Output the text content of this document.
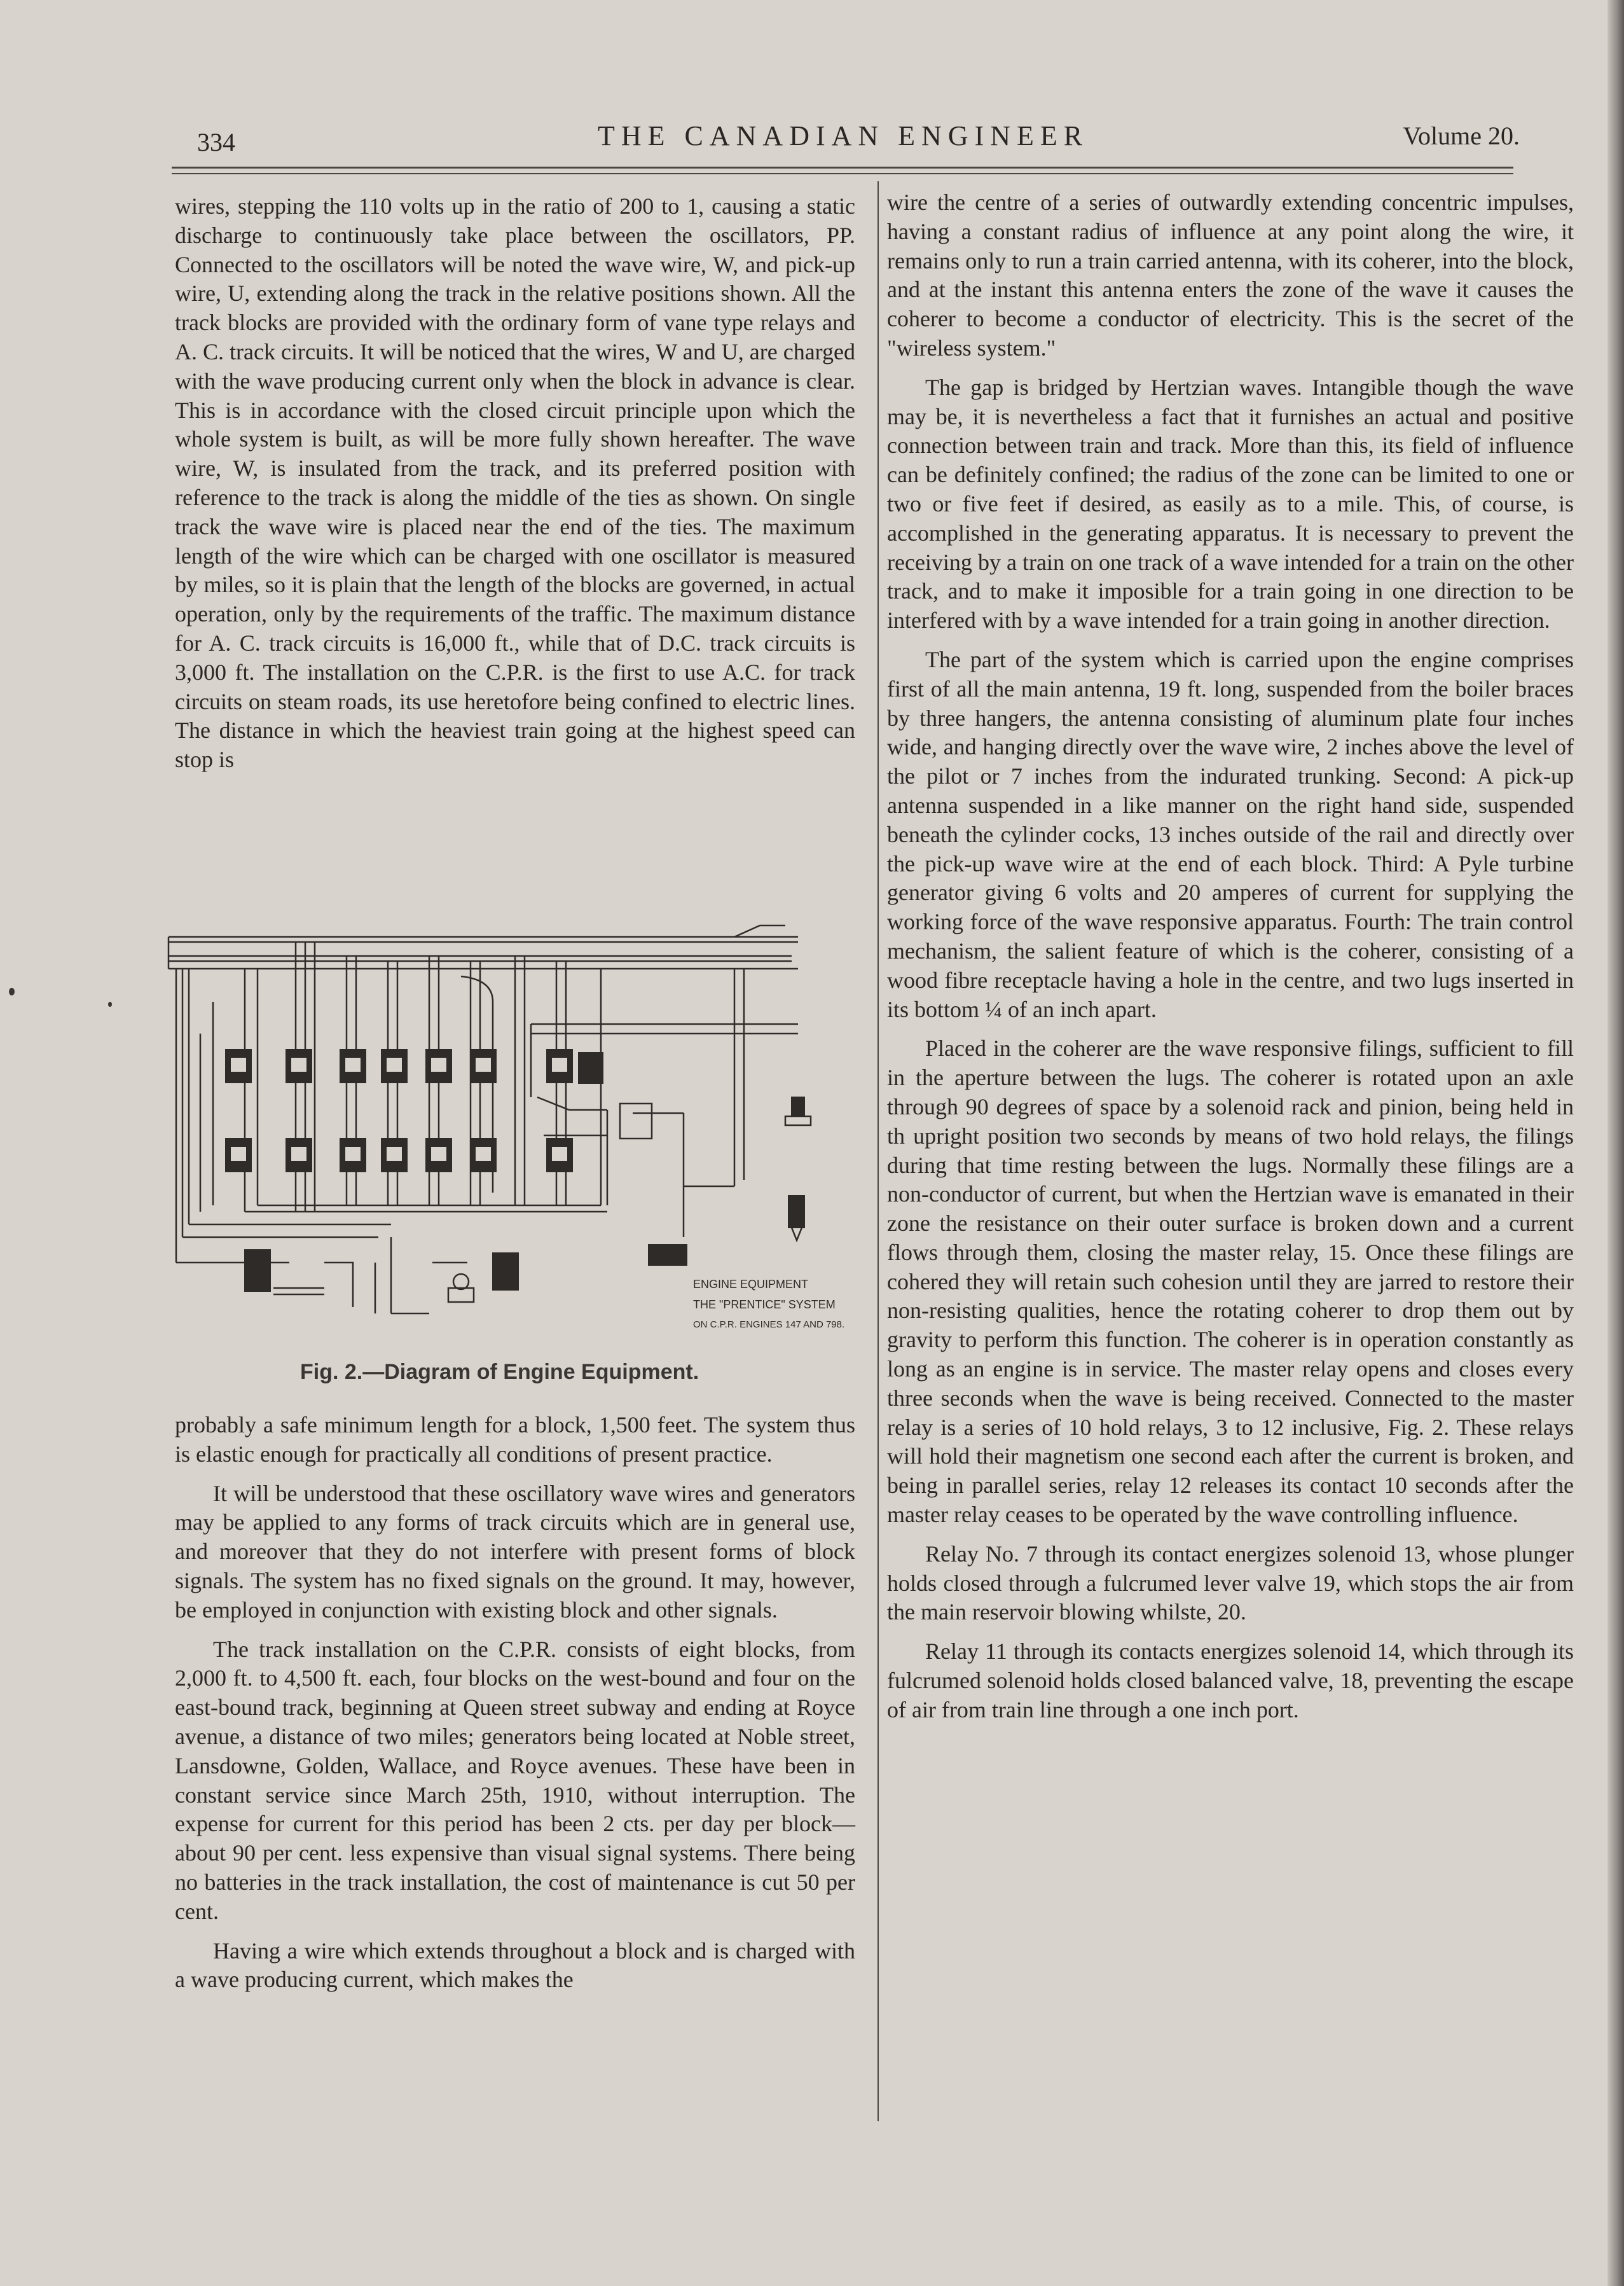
334	THE CANADIAN ENGINEER	Volume 20.

wires, stepping the 110 volts up in the ratio of 200 to 1, causing a static discharge to continuously take place between the oscillators, PP. Connected to the oscillators will be noted the wave wire, W, and pick-up wire, U, extending along the track in the relative positions shown. All the track blocks are provided with the ordinary form of vane type relays and A. C. track circuits. It will be noticed that the wires, W and U, are charged with the wave producing current only when the block in advance is clear. This is in accordance with the closed circuit principle upon which the whole system is built, as will be more fully shown hereafter. The wave wire, W, is insulated from the track, and its preferred position with reference to the track is along the middle of the ties as shown. On single track the wave wire is placed near the end of the ties. The maximum length of the wire which can be charged with one oscillator is measured by miles, so it is plain that the length of the blocks are governed, in actual operation, only by the requirements of the traffic. The maximum distance for A. C. track circuits is 16,000 ft., while that of D.C. track circuits is 3,000 ft. The installation on the C.P.R. is the first to use A.C. for track circuits on steam roads, its use heretofore being confined to electric lines. The distance in which the heaviest train going at the highest speed can stop is

ENGINE EQUIPMENT
THE "PRENTICE" SYSTEM
ON C.P.R. ENGINES 147 AND 798.
Fig. 2.—Diagram of Engine Equipment.

probably a safe minimum length for a block, 1,500 feet. The system thus is elastic enough for practically all conditions of present practice.

It will be understood that these oscillatory wave wires and generators may be applied to any forms of track circuits which are in general use, and moreover that they do not interfere with present forms of block signals. The system has no fixed signals on the ground. It may, however, be employed in conjunction with existing block and other signals.

The track installation on the C.P.R. consists of eight blocks, from 2,000 ft. to 4,500 ft. each, four blocks on the west-bound and four on the east-bound track, beginning at Queen street subway and ending at Royce avenue, a distance of two miles; generators being located at Noble street, Lansdowne, Golden, Wallace, and Royce avenues. These have been in constant service since March 25th, 1910, without interruption. The expense for current for this period has been 2 cts. per day per block—about 90 per cent. less expensive than visual signal systems. There being no batteries in the track installation, the cost of maintenance is cut 50 per cent.

Having a wire which extends throughout a block and is charged with a wave producing current, which makes the

wire the centre of a series of outwardly extending concentric impulses, having a constant radius of influence at any point along the wire, it remains only to run a train carried antenna, with its coherer, into the block, and at the instant this antenna enters the zone of the wave it causes the coherer to become a conductor of electricity. This is the secret of the "wireless system."

The gap is bridged by Hertzian waves. Intangible though the wave may be, it is nevertheless a fact that it furnishes an actual and positive connection between train and track. More than this, its field of influence can be definitely confined; the radius of the zone can be limited to one or two or five feet if desired, as easily as to a mile. This, of course, is accomplished in the generating apparatus. It is necessary to prevent the receiving by a train on one track of a wave intended for a train on the other track, and to make it imposible for a train going in one direction to be interfered with by a wave intended for a train going in another direction.

The part of the system which is carried upon the engine comprises first of all the main antenna, 19 ft. long, suspended from the boiler braces by three hangers, the antenna consisting of aluminum plate four inches wide, and hanging directly over the wave wire, 2 inches above the level of the pilot or 7 inches from the indurated trunking. Second: A pick-up antenna suspended in a like manner on the right hand side, suspended beneath the cylinder cocks, 13 inches outside of the rail and directly over the pick-up wave wire at the end of each block. Third: A Pyle turbine generator giving 6 volts and 20 amperes of current for supplying the working force of the wave responsive apparatus. Fourth: The train control mechanism, the salient feature of which is the coherer, consisting of a wood fibre receptacle having a hole in the centre, and two lugs inserted in its bottom ¼ of an inch apart.

Placed in the coherer are the wave responsive filings, sufficient to fill in the aperture between the lugs. The coherer is rotated upon an axle through 90 degrees of space by a solenoid rack and pinion, being held in th upright position two seconds by means of two hold relays, the filings during that time resting between the lugs. Normally these filings are a non-conductor of current, but when the Hertzian wave is emanated in their zone the resistance on their outer surface is broken down and a current flows through them, closing the master relay, 15. Once these filings are cohered they will retain such cohesion until they are jarred to restore their non-resisting qualities, hence the rotating coherer to drop them out by gravity to perform this function. The coherer is in operation constantly as long as an engine is in service. The master relay opens and closes every three seconds when the wave is being received. Connected to the master relay is a series of 10 hold relays, 3 to 12 inclusive, Fig. 2. These relays will hold their magnetism one second each after the current is broken, and being in parallel series, relay 12 releases its contact 10 seconds after the master relay ceases to be operated by the wave controlling influence.

Relay No. 7 through its contact energizes solenoid 13, whose plunger holds closed through a fulcrumed lever valve 19, which stops the air from the main reservoir blowing whilste, 20.

Relay 11 through its contacts energizes solenoid 14, which through its fulcrumed solenoid holds closed balanced valve, 18, preventing the escape of air from train line through a one inch port.
